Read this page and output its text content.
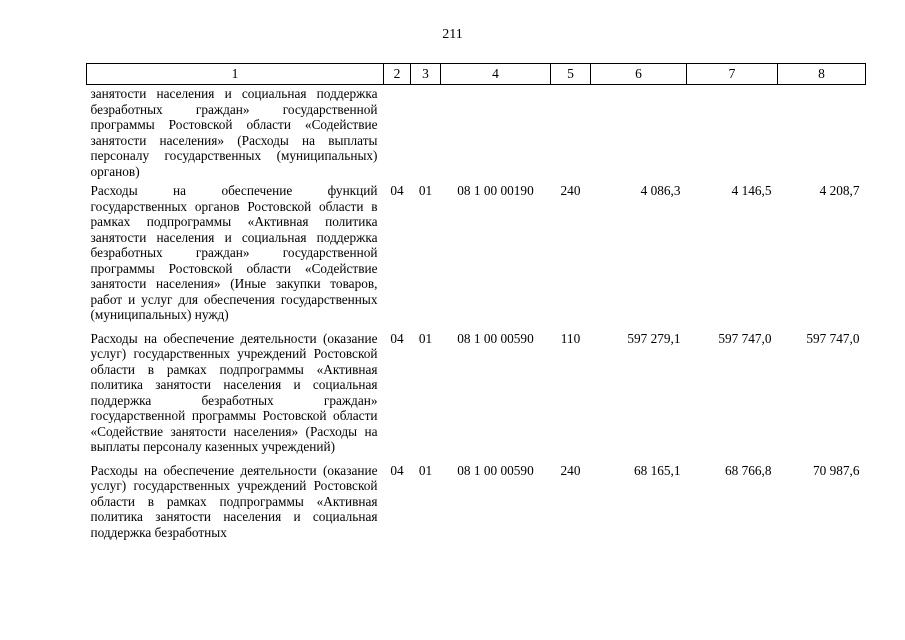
211
1	2	3	4	5	6	7	8
занятости населения и социальная поддержка безработных граждан» государственной программы Ростовской области «Содействие занятости населения» (Расходы на выплаты персоналу государственных (муниципальных) органов)							
Расходы на обеспечение функций государственных органов Ростовской области в рамках подпрограммы «Активная политика занятости населения и социальная поддержка безработных граждан» государственной программы Ростовской области «Содействие занятости населения» (Иные закупки товаров, работ и услуг для обеспечения государственных (муниципальных) нужд)	04	01	08 1 00 00190	240	4 086,3	4 146,5	4 208,7
Расходы на обеспечение деятельности (оказание услуг) государственных учреждений Ростовской области в рамках подпрограммы «Активная политика занятости населения и социальная поддержка безработных граждан» государственной программы Ростовской области «Содействие занятости населения» (Расходы на выплаты персоналу казенных учреждений)	04	01	08 1 00 00590	110	597 279,1	597 747,0	597 747,0
Расходы на обеспечение деятельности (оказание услуг) государственных учреждений Ростовской области в рамках подпрограммы «Активная политика занятости населения и социальная поддержка безработных	04	01	08 1 00 00590	240	68 165,1	68 766,8	70 987,6
